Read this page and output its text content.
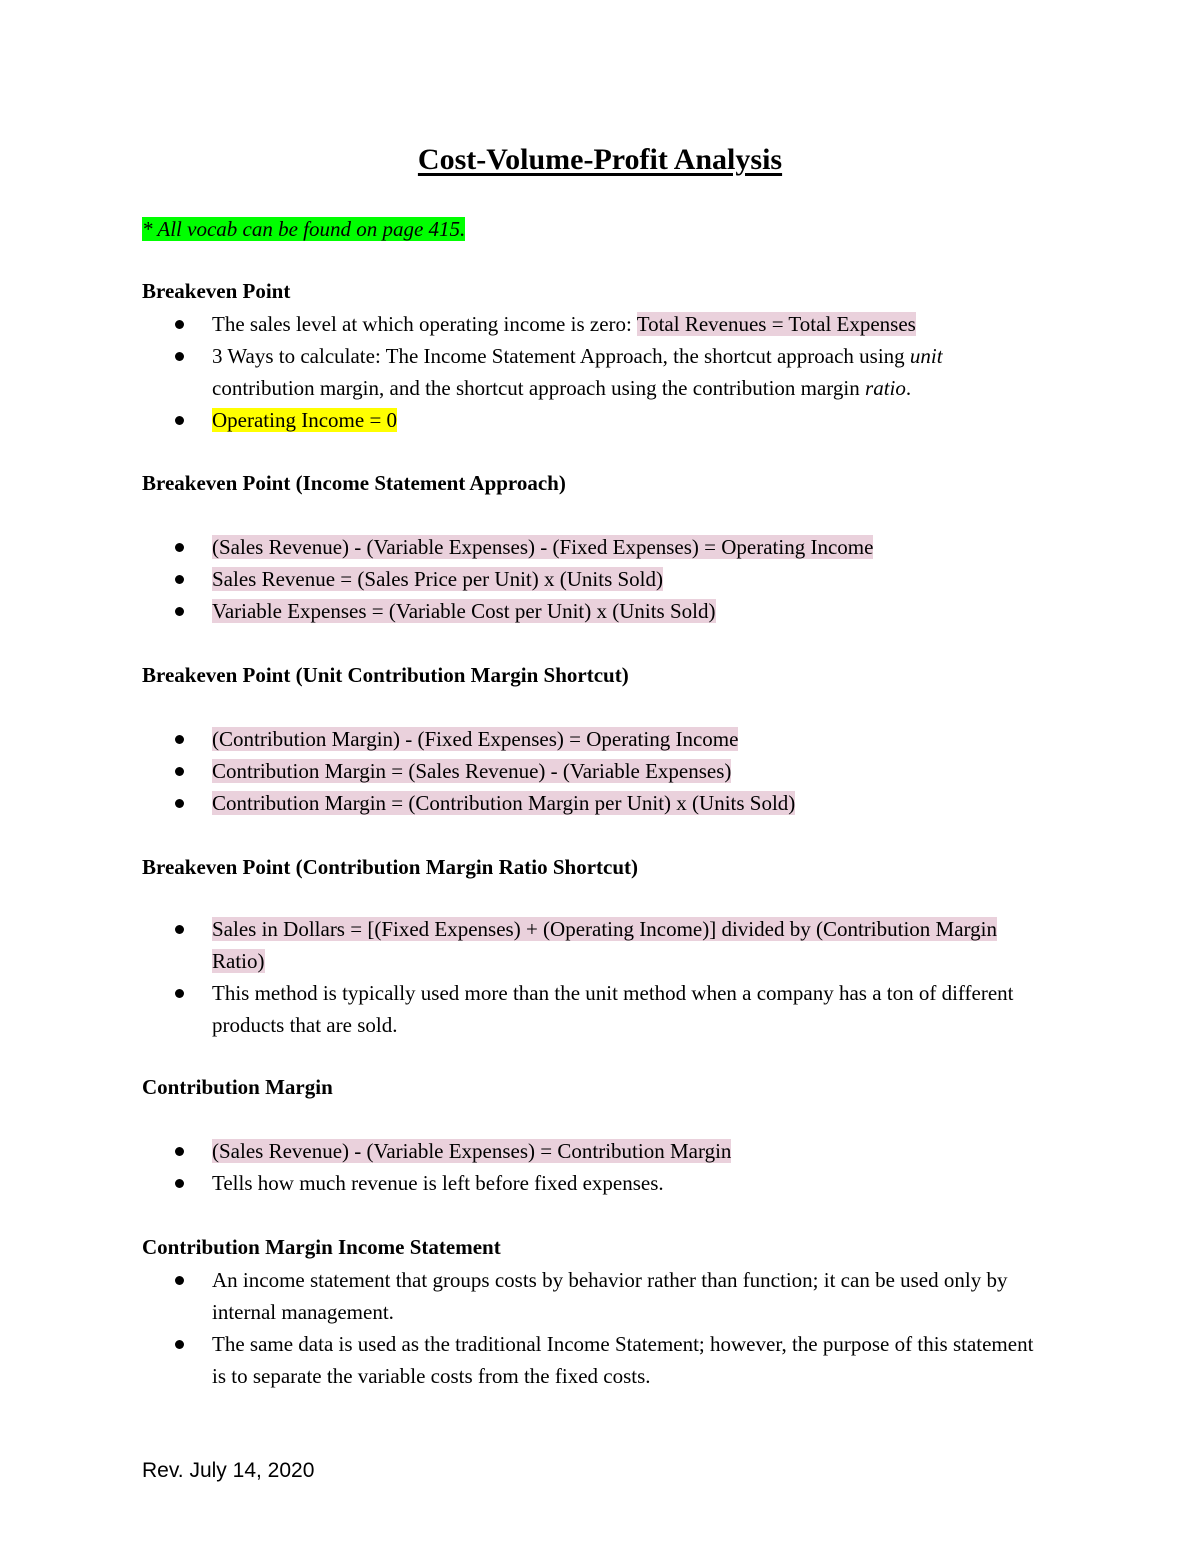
Cost-Volume-Profit Analysis

* All vocab can be found on page 415.

Breakeven Point
The sales level at which operating income is zero: Total Revenues = Total Expenses
3 Ways to calculate: The Income Statement Approach, the shortcut approach using unit contribution margin, and the shortcut approach using the contribution margin ratio.
Operating Income = 0
Breakeven Point (Income Statement Approach)
(Sales Revenue) - (Variable Expenses) - (Fixed Expenses) = Operating Income
Sales Revenue = (Sales Price per Unit) x (Units Sold)
Variable Expenses = (Variable Cost per Unit) x (Units Sold)
Breakeven Point (Unit Contribution Margin Shortcut)
(Contribution Margin) - (Fixed Expenses) = Operating Income
Contribution Margin = (Sales Revenue) - (Variable Expenses)
Contribution Margin = (Contribution Margin per Unit) x (Units Sold)
Breakeven Point (Contribution Margin Ratio Shortcut)
Sales in Dollars = [(Fixed Expenses) + (Operating Income)] divided by (Contribution Margin Ratio)
This method is typically used more than the unit method when a company has a ton of different products that are sold.
Contribution Margin
(Sales Revenue) - (Variable Expenses) = Contribution Margin
Tells how much revenue is left before fixed expenses.
Contribution Margin Income Statement
An income statement that groups costs by behavior rather than function; it can be used only by internal management.
The same data is used as the traditional Income Statement; however, the purpose of this statement is to separate the variable costs from the fixed costs.

Rev. July 14, 2020
